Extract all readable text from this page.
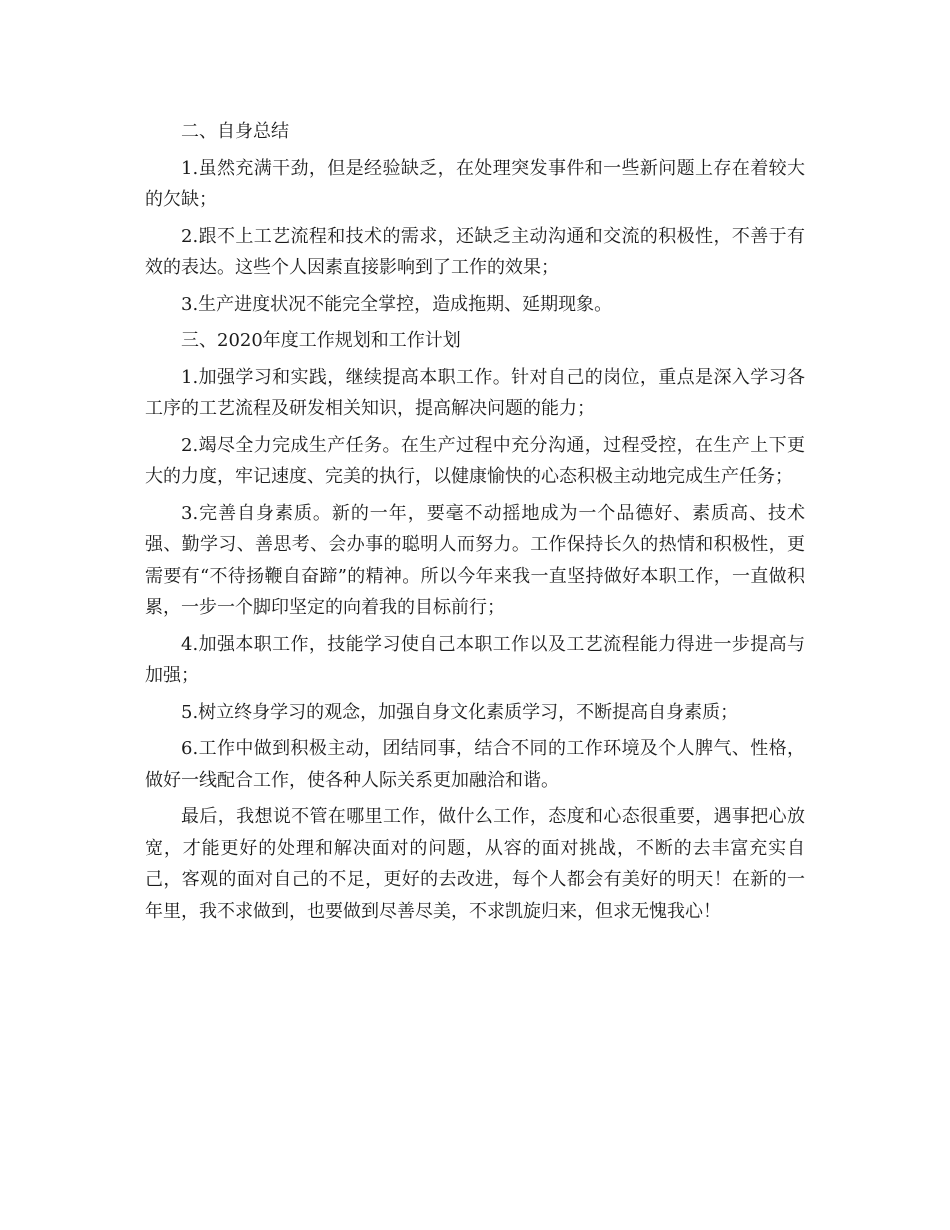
二、自身总结

1.虽然充满干劲，但是经验缺乏，在处理突发事件和一些新问题上存在着较大的欠缺；

2.跟不上工艺流程和技术的需求，还缺乏主动沟通和交流的积极性，不善于有效的表达。这些个人因素直接影响到了工作的效果；

3.生产进度状况不能完全掌控，造成拖期、延期现象。

三、2020年度工作规划和工作计划

1.加强学习和实践，继续提高本职工作。针对自己的岗位，重点是深入学习各工序的工艺流程及研发相关知识，提高解决问题的能力；

2.竭尽全力完成生产任务。在生产过程中充分沟通，过程受控，在生产上下更大的力度，牢记速度、完美的执行，以健康愉快的心态积极主动地完成生产任务；

3.完善自身素质。新的一年，要毫不动摇地成为一个品德好、素质高、技术强、勤学习、善思考、会办事的聪明人而努力。工作保持长久的热情和积极性，更需要有“不待扬鞭自奋蹄”的精神。所以今年来我一直坚持做好本职工作，一直做积累，一步一个脚印坚定的向着我的目标前行；

4.加强本职工作，技能学习使自己本职工作以及工艺流程能力得进一步提高与加强；

5.树立终身学习的观念，加强自身文化素质学习，不断提高自身素质；

6.工作中做到积极主动，团结同事，结合不同的工作环境及个人脾气、性格，做好一线配合工作，使各种人际关系更加融洽和谐。

最后，我想说不管在哪里工作，做什么工作，态度和心态很重要，遇事把心放宽，才能更好的处理和解决面对的问题，从容的面对挑战，不断的去丰富充实自己，客观的面对自己的不足，更好的去改进，每个人都会有美好的明天！在新的一年里，我不求做到，也要做到尽善尽美，不求凯旋归来，但求无愧我心！
